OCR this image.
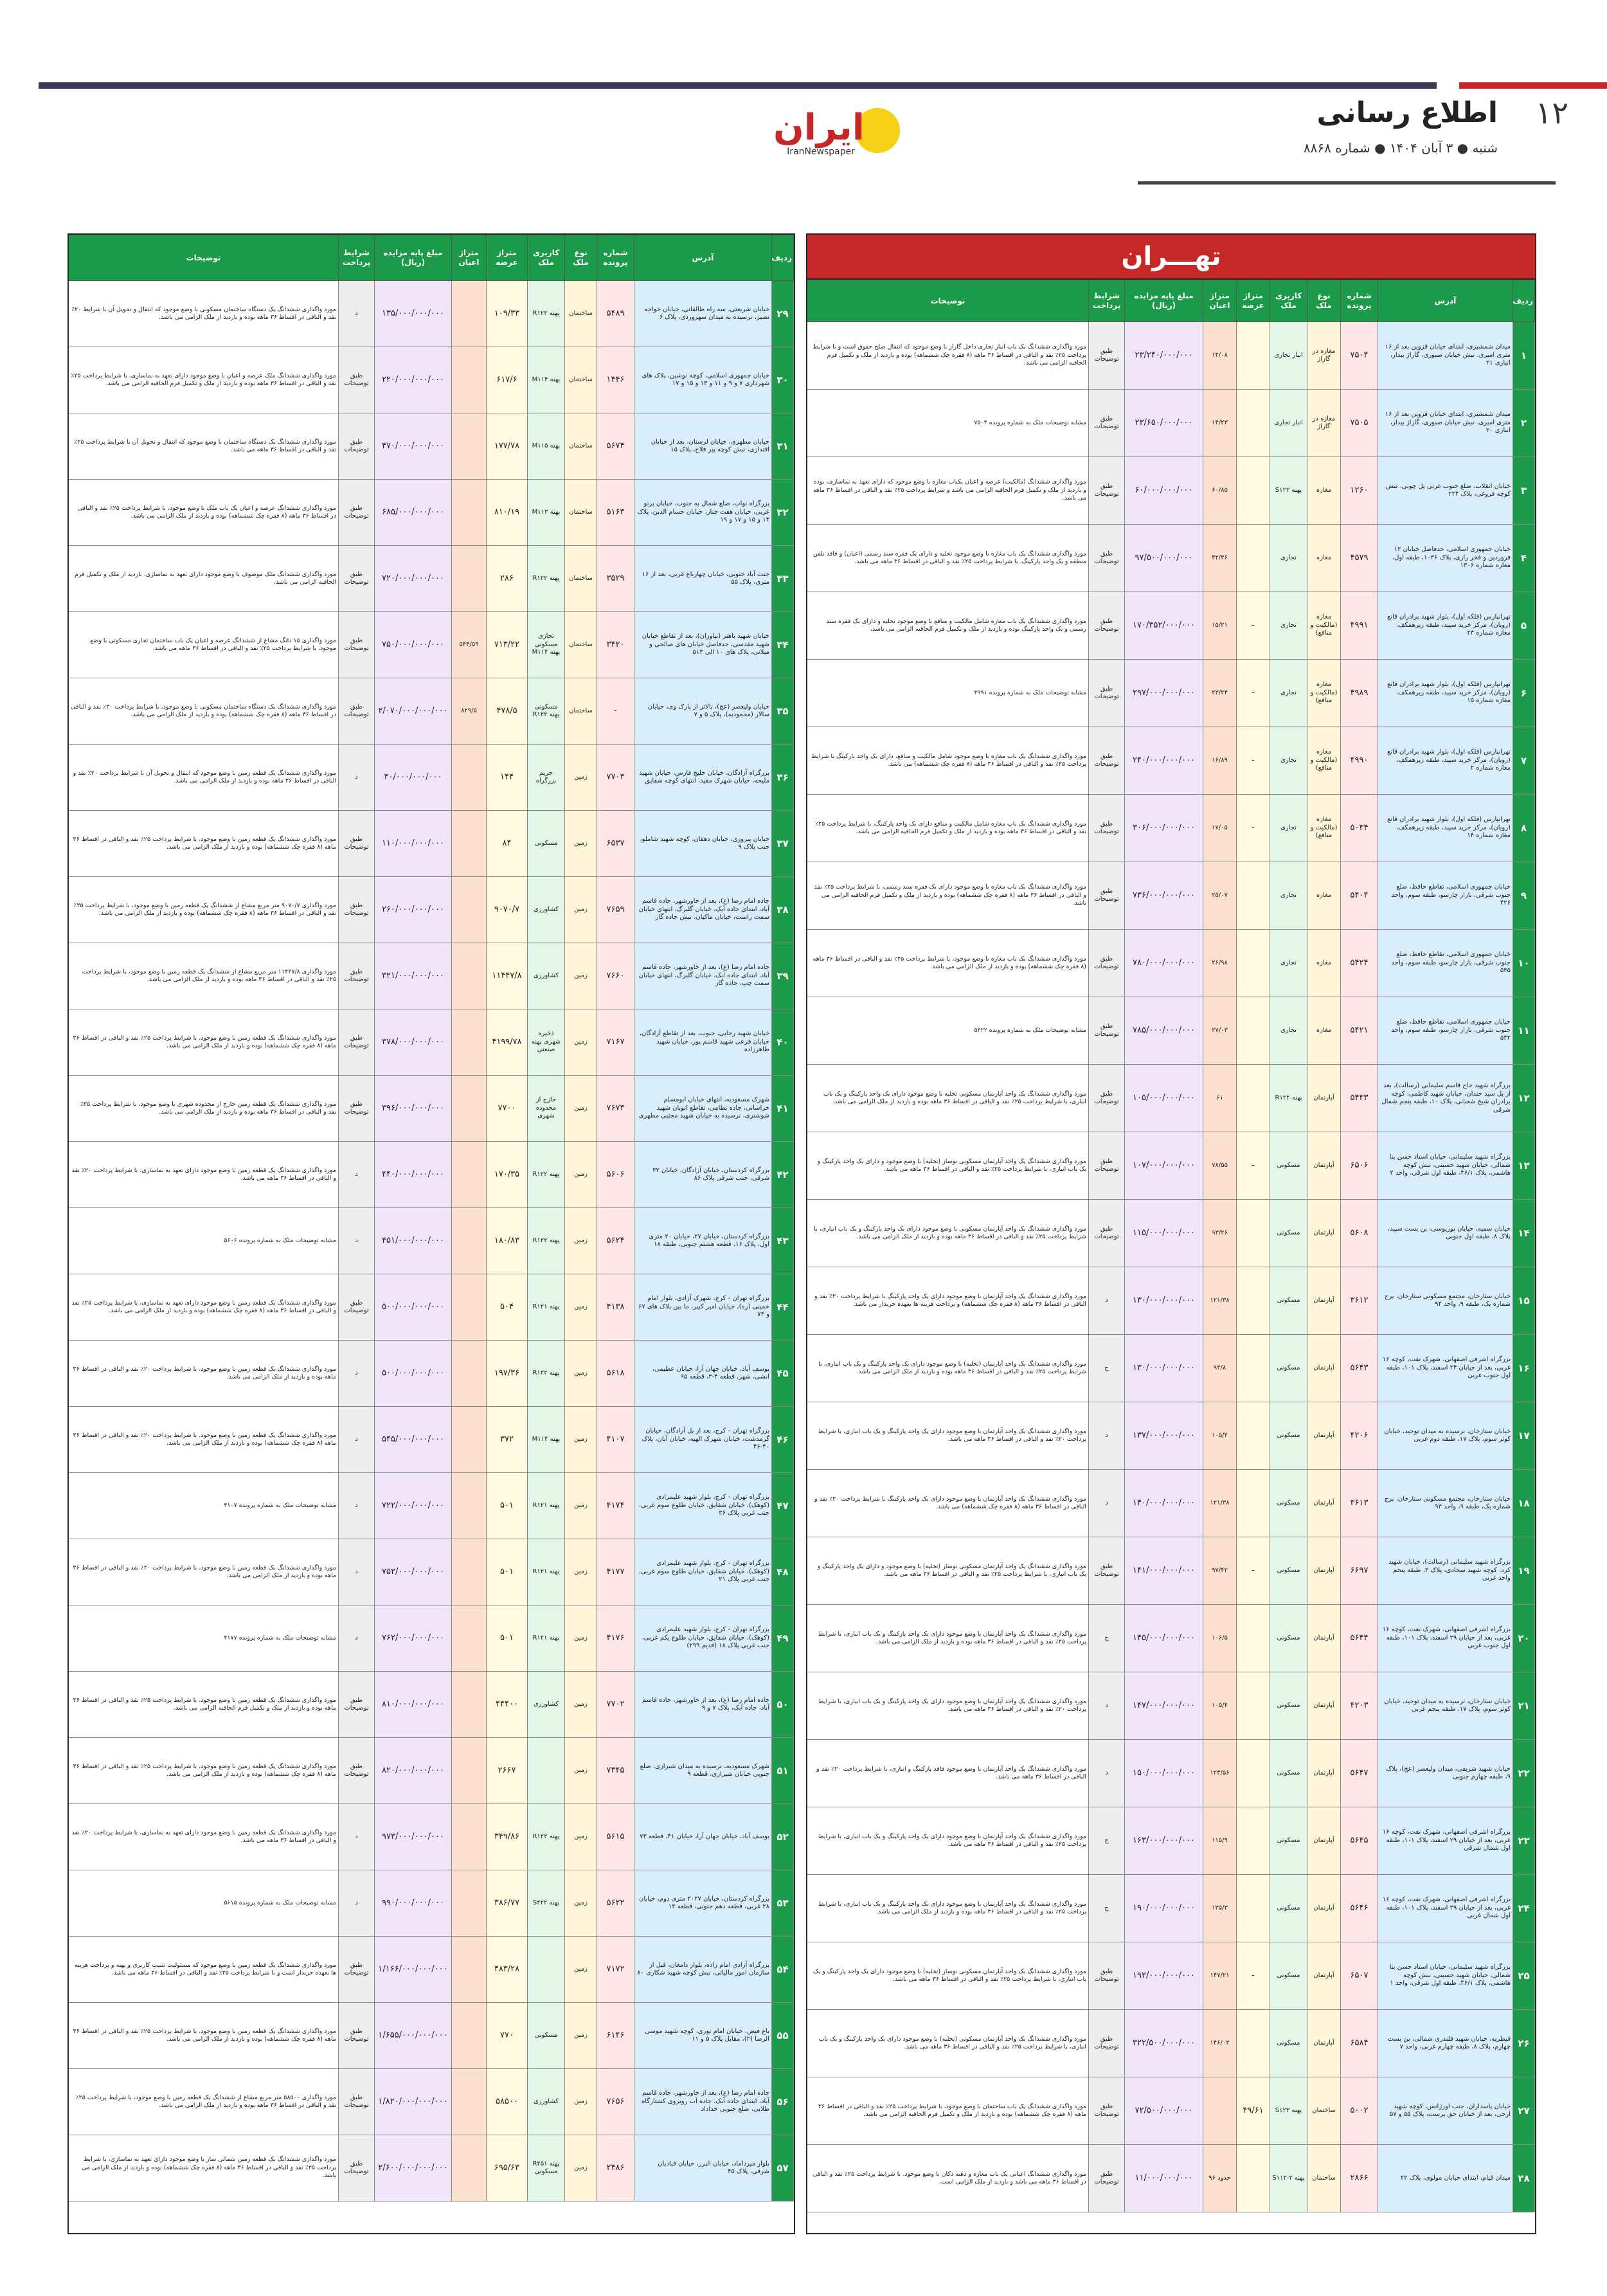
۱۲
اطلاع رسانی
شنبه ● ۳ آبان ۱۴۰۴ ● شماره ۸۸۶۸
ایران
IranNewspaper
تهـــران
ردیف	آدرس	شماره پرونده	نوع ملک	کاربری ملک	متراژ عرصه	متراژ اعیان	مبلغ پایه مزایده (ریال)	شرایط پرداخت	توضیحات
۱	میدان شمشیری، ابتدای خیابان قزوین بعد از ۱۶ متری امیری، نبش خیابان صبوری، گاراژ بیدار، انباری ۲۱	۷۵۰۴	مغازه در گاراژ	انبار تجاری		۱۴/۰۸	۲۳/۲۴۰/۰۰۰/۰۰۰	طبق توضیحات	مورد واگذاری ششدانگ یک باب انبار تجاری داخل گاراژ با وضع موجود که انتقال صلح حقوق است و با شرایط پرداخت ۲۵٪ نقد و الباقی در اقساط ۳۶ ماهه (۸ فقره چک ششماهه) بوده و بازدید از ملک و تکمیل فرم الحاقیه الزامی می باشد.
۲	میدان شمشیری، ابتدای خیابان قزوین بعد از ۱۶ متری امیری، نبش خیابان صبوری، گاراژ بیدار، انباری ۲۰	۷۵۰۵	مغازه در گاراژ	انبار تجاری		۱۴/۲۳	۲۳/۶۵۰/۰۰۰/۰۰۰	طبق توضیحات	مشابه توضیحات ملک به شماره پرونده ۷۵۰۴
۳	خیابان انقلاب، ضلع جنوب غربی پل چوبی، نبش کوچه فروغی، پلاک ۲۲۴	۱۲۶۰	مغازه	پهنه S۱۲۲		۶۰/۸۵	۶۰/۰۰۰/۰۰۰/۰۰۰	طبق توضیحات	مورد واگذاری ششدانگ (مالکیت) عرصه و اعیان یکباب مغازه با وضع موجود که دارای تعهد به نماسازی، بوده و بازدید از ملک و تکمیل فرم الحاقیه الزامی می باشد و شرایط پرداخت ۲۵٪ نقد و الباقی در اقساط ۳۶ ماهه می باشد.
۴	خیابان جمهوری اسلامی، حدفاصل خیابان ۱۲ فروردین و فخر رازی، پلاک ۱۰۳۶، طبقه اول، مغازه شماره ۱۳۰۶	۴۵۷۹	مغازه	تجاری		۴۲/۳۶	۹۷/۵۰۰/۰۰۰/۰۰۰	طبق توضیحات	مورد واگذاری ششدانگ یک باب مغازه با وضع موجود تخلیه و دارای یک فقره سند رسمی (اعیان) و فاقد تلفن منطقه و یک واحد پارکینگ، با شرایط پرداخت ۲۵٪ نقد و الباقی در اقساط ۳۶ ماهه می باشد.
۵	تهرانپارس (فلکه اول)، بلوار شهید برادران قانع (رویان)، مرکز خرید سپید، طبقه زیرهمکف، مغازه شماره ۲۳	۴۹۹۱	مغازه (مالکیت و منافع)	تجاری	-	۱۵/۲۱	۱۷۰/۳۵۲/۰۰۰/۰۰۰	طبق توضیحات	مورد واگذاری ششدانگ یک باب مغازه شامل مالکیت و منافع با وضع موجود تخلیه و دارای یک فقره سند رسمی و یک واحد پارکینگ بوده و بازدید از ملک و تکمیل فرم الحاقیه الزامی می باشد.
۶	تهرانپارس (فلکه اول)، بلوار شهید برادران قانع (رویان)، مرکز خرید سپید، طبقه زیرهمکف، مغازه شماره ۱۵	۴۹۸۹	مغازه (مالکیت و منافع)	تجاری	-	۲۳/۲۴	۲۹۷/۰۰۰/۰۰۰/۰۰۰	طبق توضیحات	مشابه توضیحات ملک به شماره پرونده ۴۹۹۱
۷	تهرانپارس (فلکه اول)، بلوار شهید برادران قانع (رویان)، مرکز خرید سپید، طبقه زیرهمکف، مغازه شماره ۲	۴۹۹۰	مغازه (مالکیت و منافع)	تجاری	-	۱۶/۸۹	۲۴۰/۰۰۰/۰۰۰/۰۰۰	طبق توضیحات	مورد واگذاری ششدانگ یک باب مغازه با وضع موجود شامل مالکیت و منافع، دارای یک واحد پارکینگ با شرایط پرداخت ۲۵٪ نقد و الباقی در اقساط ۳۶ ماهه (۸ فقره چک ششماهه) می باشد.
۸	تهرانپارس (فلکه اول)، بلوار شهید برادران قانع (رویان)، مرکز خرید سپید، طبقه زیرهمکف، مغازه شماره ۱۴	۵۰۳۴	مغازه (مالکیت و منافع)	تجاری	-	۱۷/۰۵	۳۰۶/۰۰۰/۰۰۰/۰۰۰	طبق توضیحات	مورد واگذاری ششدانگ یک باب مغازه شامل مالکیت و منافع دارای یک واحد پارکینگ، با شرایط پرداخت ۲۵٪ نقد و الباقی در اقساط ۳۶ ماهه بوده و بازدید از ملک و تکمیل فرم الحاقیه الزامی می باشد.
۹	خیابان جمهوری اسلامی، تقاطع حافظ، ضلع جنوب شرقی، بازار چارسو، طبقه سوم، واحد ۴۲۶	۵۴۰۴	مغازه	تجاری		۲۵/۰۷	۷۳۶/۰۰۰/۰۰۰/۰۰۰	طبق توضیحات	مورد واگذاری ششدانگ یک باب مغازه با وضع موجود دارای یک فقره سند رسمی، با شرایط پرداخت ۲۵٪ نقد و الباقی در اقساط ۳۶ ماهه (۸ فقره چک ششماهه) بوده و بازدید از ملک و تکمیل فرم الحاقیه الزامی می باشد.
۱۰	خیابان جمهوری اسلامی، تقاطع حافظ، ضلع جنوب شرقی، بازار چارسو، طبقه سوم، واحد ۵۳۵	۵۴۲۴	مغازه	تجاری		۲۶/۹۸	۷۸۰/۰۰۰/۰۰۰/۰۰۰	طبق توضیحات	مورد واگذاری ششدانگ یک باب مغازه با وضع موجود، با شرایط پرداخت ۲۵٪ نقد و الباقی در اقساط ۳۶ ماهه (۸ فقره چک ششماهه) بوده و بازدید از ملک الزامی می باشد.
۱۱	خیابان جمهوری اسلامی، تقاطع حافظ، ضلع جنوب شرقی، بازار چارسو، طبقه سوم، واحد ۵۳۲	۵۴۲۱	مغازه	تجاری		۲۷/۰۳	۷۸۵/۰۰۰/۰۰۰/۰۰۰	طبق توضیحات	مشابه توضیحات ملک به شماره پرونده ۵۴۲۲
۱۲	بزرگراه شهید حاج قاسم سلیمانی (رسالت)، بعد از پل سید خندان، خیابان شهید کاظمی، کوچه برادران شیخ شعبانی، پلاک ۱۰، طبقه پنجم شمال شرقی	۵۴۳۳	آپارتمان	پهنه R۱۲۲		۶۱	۱۰۵/۰۰۰/۰۰۰/۰۰۰	طبق توضیحات	مورد واگذاری ششدانگ یک واحد آپارتمان مسکونی تخلیه با وضع موجود دارای یک واحد پارکینگ و یک باب انباری، با شرایط پرداخت ۲۵٪ نقد و الباقی در اقساط ۳۶ ماهه بوده و بازدید از ملک الزامی می باشد.
۱۳	بزرگراه شهید سلیمانی، خیابان استاد حسن بنا شمالی، خیابان شهید حسینی، نبش کوچه هاشمی، پلاک ۴۶/۱، طبقه اول شرقی، واحد ۲	۶۵۰۶	آپارتمان	مسکونی	-	۷۸/۵۵	۱۰۷/۰۰۰/۰۰۰/۰۰۰	طبق توضیحات	مورد واگذاری ششدانگ یک واحد آپارتمان مسکونی نوساز (تخلیه) با وضع موجود و دارای یک واحد پارکینگ و یک باب انباری، با شرایط پرداخت ۲۵٪ نقد و الباقی در اقساط ۳۶ ماهه می باشد.
۱۴	خیابان سمیه، خیابان پوریوسی، بن بست سپید، پلاک ۸، طبقه اول جنوبی	۵۶۰۸	آپارتمان	مسکونی		۹۳/۲۶	۱۱۵/۰۰۰/۰۰۰/۰۰۰	طبق توضیحات	مورد واگذاری ششدانگ یک واحد آپارتمان مسکونی با وضع موجود دارای یک واحد پارکینگ و یک باب انباری، با شرایط پرداخت ۲۵٪ نقد و الباقی در اقساط ۳۶ ماهه بوده و بازدید از ملک الزامی می باشد.
۱۵	خیابان ستارخان، مجتمع مسکونی ستارخان، برج شماره یک، طبقه ۹، واحد ۹۴	۳۶۱۲	آپارتمان	مسکونی		۱۲۱/۳۸	۱۳۰/۰۰۰/۰۰۰/۰۰۰	د	مورد واگذاری ششدانگ یک واحد آپارتمان با وضع موجود دارای یک واحد پارکینگ با شرایط پرداخت ۲۰٪ نقد و الباقی در اقساط ۳۶ ماهه (۸ فقره چک ششماهه) و پرداخت هزینه ها بعهده خریدار می باشد.
۱۶	بزرگراه اشرفی اصفهانی، شهرک نفت، کوچه ۱۶ غربی، بعد از خیابان ۲۴ اسفند، پلاک ۱۰۱، طبقه اول جنوب غربی	۵۶۴۳	آپارتمان	مسکونی		۹۴/۸	۱۳۰/۰۰۰/۰۰۰/۰۰۰	ج	مورد واگذاری ششدانگ یک واحد آپارتمان (تخلیه) با وضع موجود دارای یک واحد پارکینگ و یک باب انباری، با شرایط پرداخت ۲۵٪ نقد و الباقی در اقساط ۳۶ ماهه بوده و بازدید از ملک الزامی می باشد.
۱۷	خیابان ستارخان، نرسیده به میدان توحید، خیابان کوثر سوم، پلاک ۱۷، طبقه دوم غربی	۴۲۰۶	آپارتمان	مسکونی		۱۰۵/۴	۱۳۷/۰۰۰/۰۰۰/۰۰۰	د	مورد واگذاری ششدانگ یک واحد آپارتمان با وضع موجود دارای یک واحد پارکینگ و یک باب انباری، با شرایط پرداخت ۲۰٪ نقد و الباقی در اقساط ۳۶ ماهه می باشد.
۱۸	خیابان ستارخان، مجتمع مسکونی ستارخان، برج شماره یک، طبقه ۹، واحد ۹۳	۳۶۱۳	آپارتمان	مسکونی		۱۲۱/۳۸	۱۴۰/۰۰۰/۰۰۰/۰۰۰	د	مورد واگذاری ششدانگ یک واحد آپارتمان با وضع موجود دارای یک واحد پارکینگ با شرایط پرداخت ۲۰٪ نقد و الباقی در اقساط ۳۶ ماهه (۸ فقره چک ششماهه) می باشد.
۱۹	بزرگراه شهید سلیمانی (رسالت)، خیابان شهید کرد، کوچه شهید سجادی، پلاک ۳، طبقه پنجم واحد غربی	۶۶۹۷	آپارتمان	مسکونی	-	۹۷/۴۲	۱۴۱/۰۰۰/۰۰۰/۰۰۰	طبق توضیحات	مورد واگذاری ششدانگ یک واحد آپارتمان مسکونی نوساز (تخلیه) با وضع موجود و دارای یک واحد پارکینگ و یک باب انباری، با شرایط پرداخت ۲۵٪ نقد و الباقی در اقساط ۳۶ ماهه می باشد.
۲۰	بزرگراه اشرفی اصفهانی، شهرک نفت، کوچه ۱۶ غربی، بعد از خیابان ۲۹ اسفند، پلاک ۱۰۱، طبقه اول جنوب غربی	۵۶۴۴	آپارتمان	مسکونی		۱۰۶/۵	۱۴۵/۰۰۰/۰۰۰/۰۰۰	ج	مورد واگذاری ششدانگ یک واحد آپارتمان با وضع موجود دارای یک واحد پارکینگ و یک باب انباری، با شرایط پرداخت ۲۵٪ نقد و الباقی در اقساط ۳۶ ماهه بوده و بازدید از ملک الزامی می باشد.
۲۱	خیابان ستارخان، نرسیده به میدان توحید، خیابان کوثر سوم، پلاک ۱۷، طبقه پنجم غربی	۴۲۰۳	آپارتمان	مسکونی		۱۰۵/۴	۱۴۷/۰۰۰/۰۰۰/۰۰۰	د	مورد واگذاری ششدانگ یک واحد آپارتمان با وضع موجود دارای یک واحد پارکینگ و یک باب انباری، با شرایط پرداخت ۲۰٪ نقد و الباقی در اقساط ۳۶ ماهه می باشد.
۲۲	خیابان شهید شریفی، میدان ولیعصر (عج)، پلاک ۹، طبقه چهارم جنوبی	۵۶۴۷	آپارتمان	مسکونی		۱۲۴/۵۶	۱۵۰/۰۰۰/۰۰۰/۰۰۰	د	مورد واگذاری ششدانگ یک واحد آپارتمان با وضع موجود فاقد پارکینگ و انباری، با شرایط پرداخت ۲۰٪ نقد و الباقی در اقساط ۳۶ ماهه می باشد.
۲۳	بزرگراه اشرفی اصفهانی، شهرک نفت، کوچه ۱۶ غربی، بعد از خیابان ۲۹ اسفند، پلاک ۱۰۱، طبقه اول شمال شرقی	۵۶۴۵	آپارتمان	مسکونی		۱۱۵/۹	۱۶۳/۰۰۰/۰۰۰/۰۰۰	ج	مورد واگذاری ششدانگ یک واحد آپارتمان با وضع موجود دارای یک واحد پارکینگ و یک باب انباری، با شرایط پرداخت ۲۵٪ نقد و الباقی در اقساط ۳۶ ماهه می باشد.
۲۴	بزرگراه اشرفی اصفهانی، شهرک نفت، کوچه ۱۶ غربی، بعد از خیابان ۲۹ اسفند، پلاک ۱۰۱، طبقه اول شمال غربی	۵۶۴۶	آپارتمان	مسکونی		۱۳۵/۳	۱۹۰/۰۰۰/۰۰۰/۰۰۰	ج	مورد واگذاری ششدانگ یک واحد آپارتمان با وضع موجود دارای یک واحد پارکینگ و یک باب انباری، با شرایط پرداخت ۲۵٪ نقد و الباقی در اقساط ۳۶ ماهه بوده و بازدید از ملک الزامی می باشد.
۲۵	بزرگراه شهید سلیمانی، خیابان استاد حسن بنا شمالی، خیابان شهید حسینی، نبش کوچه هاشمی، پلاک ۴۶/۱، طبقه اول شرقی، واحد ۱	۶۵۰۷	آپارتمان	مسکونی	-	۱۴۷/۲۱	۱۹۲/۰۰۰/۰۰۰/۰۰۰	طبق توضیحات	مورد واگذاری ششدانگ یک واحد آپارتمان مسکونی نوساز (تخلیه) با وضع موجود دارای یک واحد پارکینگ و یک باب انباری، با شرایط پرداخت ۲۵٪ نقد و الباقی در اقساط ۳۶ ماهه می باشد.
۲۶	قیطریه، خیابان شهید فلندری شمالی، بن بست چهارم، پلاک ۸، طبقه چهارم غربی، واحد ۷	۶۵۸۴	آپارتمان	مسکونی		۱۴۶/۰۳	۳۲۲/۵۰۰/۰۰۰/۰۰۰	طبق توضیحات	مورد واگذاری ششدانگ یک واحد آپارتمان مسکونی (تخلیه) با وضع موجود دارای یک واحد پارکینگ و یک باب انباری، با شرایط پرداخت ۲۵٪ نقد و الباقی در اقساط ۳۶ ماهه می باشد.
۲۷	خیابان پاسداران، جنب اورژانس، کوچه شهید ارجی، بعد از خیابان حق پرست، پلاک ۵۵ و ۵۷	۵۰۰۲	ساختمان	پهنه S۱۲۳	۴۹/۶۱		۷۲/۵۰۰/۰۰۰/۰۰۰	طبق توضیحات	مورد واگذاری ششدانگ یک باب ساختمان با وضع موجود، با شرایط پرداخت ۲۵٪ نقد و الباقی در اقساط ۳۶ ماهه (۸ فقره چک ششماهه) بوده و بازدید از ملک و تکمیل فرم الحاقیه الزامی می باشد.
۲۸	میدان قیام، ابتدای خیابان مولوی، پلاک ۲۲	۲۸۶۶	ساختمان	پهنه S۱۱۲-۲		حدود ۹۶	۱۱/۰۰۰/۰۰۰/۰۰۰	طبق توضیحات	مورد واگذاری ششدانگ اعیانی یک باب مغازه و دهنه دکان با وضع موجود، با شرایط پرداخت ۲۵٪ نقد و الباقی در اقساط ۳۶ ماهه می باشد و بازدید از ملک الزامی است.
ردیف	آدرس	شماره پرونده	نوع ملک	کاربری ملک	متراژ عرصه	متراژ اعیان	مبلغ پایه مزایده (ریال)	شرایط پرداخت	توضیحات
۲۹	خیابان شریعتی، سه راه طالقانی، خیابان خواجه نصیر، نرسیده به میدان سهروردی، پلاک ۶	۵۴۸۹	ساختمان	پهنه R۱۲۲	۱۰۹/۳۳		۱۳۵/۰۰۰/۰۰۰/۰۰۰	د	مورد واگذاری ششدانگ یک دستگاه ساختمان مسکونی با وضع موجود که انتقال و تحویل آن با شرایط ۲۰٪ نقد و الباقی در اقساط ۳۶ ماهه بوده و بازدید از ملک الزامی می باشد.
۳۰	خیابان جمهوری اسلامی، کوچه نوشین، پلاک های شهرداری ۷ و ۹ و ۱۱ و ۱۳ و ۱۵ و ۱۷	۱۴۴۶	ساختمان	پهنه M۱۱۴	۶۱۷/۶		۲۲۰/۰۰۰/۰۰۰/۰۰۰	طبق توضیحات	مورد واگذاری ششدانگ ملک عرصه و اعیان با وضع موجود دارای تعهد به نماسازی، با شرایط پرداخت ۲۵٪ نقد و الباقی در اقساط ۳۶ ماهه بوده و بازدید از ملک و تکمیل فرم الحاقیه الزامی می باشد.
۳۱	خیابان مطهری، خیابان لرستان، بعد از خیابان اقتداری، نبش کوچه پیر فلاح، پلاک ۱۵	۵۶۷۴	ساختمان	پهنه M۱۱۵	۱۷۷/۷۸		۴۷۰/۰۰۰/۰۰۰/۰۰۰	طبق توضیحات	مورد واگذاری ششدانگ یک دستگاه ساختمان با وضع موجود که انتقال و تحویل آن با شرایط پرداخت ۲۵٪ نقد و الباقی در اقساط ۳۶ ماهه می باشد.
۳۲	بزرگراه نواب، ضلع شمال به جنوب، خیابان پرتو غربی، خیابان هفت چنار، خیابان حسام الدین، پلاک ۱۳ و ۱۵ و ۱۷ و ۱۹	۵۱۶۳	ساختمان	پهنه M۱۱۳	۸۱۰/۱۹		۶۸۵/۰۰۰/۰۰۰/۰۰۰	طبق توضیحات	مورد واگذاری ششدانگ عرصه و اعیان یک باب ملک با وضع موجود، با شرایط پرداخت ۲۵٪ نقد و الباقی در اقساط ۳۶ ماهه (۸ فقره چک ششماهه) بوده و بازدید از ملک الزامی می باشد.
۳۳	جنت آباد جنوبی، خیابان چهارباغ غربی، بعد از ۱۶ متری، پلاک ۵۵	۳۵۲۹	ساختمان	پهنه R۱۲۲	۲۸۶		۷۲۰/۰۰۰/۰۰۰/۰۰۰	طبق توضیحات	مورد واگذاری ششدانگ ملک موصوف با وضع موجود دارای تعهد به نماسازی، بازدید از ملک و تکمیل فرم الحاقیه الزامی می باشد.
۳۴	خیابان شهید باهنر (نیاوران)، بعد از تقاطع خیابان شهید مقدسی، حدفاصل خیابان های صالحی و میلانی، پلاک های ۱۰ الی ۵۱۳	۳۴۲۰	ساختمان	تجاری مسکونی پهنه M۱۱۴	۷۱۳/۲۲	۵۴۴/۵۹	۷۵۰/۰۰۰/۰۰۰/۰۰۰	طبق توضیحات	مورد واگذاری ۱۵ دانگ مشاع از ششدانگ عرصه و اعیان یک باب ساختمان تجاری مسکونی با وضع موجود، با شرایط پرداخت ۲۵٪ نقد و الباقی در اقساط ۳۶ ماهه می باشد.
۳۵	خیابان ولیعصر (عج)، بالاتر از پارک وی، خیابان سالار (محمودیه)، پلاک ۵ و ۷	-	ساختمان	مسکونی پهنه R۱۲۲	۴۷۸/۵	۸۲۹/۵	۲/۰۷۰/۰۰۰/۰۰۰/۰۰۰	طبق توضیحات	مورد واگذاری ششدانگ یک دستگاه ساختمان مسکونی با وضع موجود، با شرایط پرداخت ۳۰٪ نقد و الباقی در اقساط ۳۶ ماهه (۸ فقره چک ششماهه) بوده و بازدید از ملک الزامی می باشد.
۳۶	بزرگراه آزادگان، خیابان خلیج فارس، خیابان شهید ملیحه، خیابان شهرک مفید، انتهای کوچه شقایق	۷۷۰۳	زمین	حریم بزرگراه	۱۴۴		۳۰/۰۰۰/۰۰۰/۰۰۰	د	مورد واگذاری ششدانگ یک قطعه زمین با وضع موجود که انتقال و تحویل آن با شرایط پرداخت ۲۰٪ نقد و الباقی در اقساط ۳۶ ماهه بوده و بازدید از ملک الزامی می باشد.
۳۷	خیابان پیروزی، خیابان دهقان، کوچه شهید شاملو، جنب پلاک ۹	۶۵۳۷	زمین	مسکونی	۸۴		۱۱۰/۰۰۰/۰۰۰/۰۰۰	طبق توضیحات	مورد واگذاری ششدانگ یک قطعه زمین با وضع موجود، با شرایط پرداخت ۲۵٪ نقد و الباقی در اقساط ۳۶ ماهه (۸ فقره چک ششماهه) بوده و بازدید از ملک الزامی می باشد.
۳۸	جاده امام رضا (ع)، بعد از خاورشهر، جاده قاسم آباد، ابتدای جاده آبک، خیابان گلبرگ، انتهای خیابان سمت راست، خیابان ماکیان، نبش جاده گاز	۷۶۵۹	زمین	کشاورزی	۹۰۷۰/۷		۲۶۰/۰۰۰/۰۰۰/۰۰۰	طبق توضیحات	مورد واگذاری ۹۰۷۰/۷ متر مربع مشاع از ششدانگ یک قطعه زمین با وضع موجود، با شرایط پرداخت ۲۵٪ نقد و الباقی در اقساط ۳۶ ماهه (۸ فقره چک ششماهه) بوده و بازدید از ملک الزامی می باشد.
۳۹	جاده امام رضا (ع)، بعد از خاورشهر، جاده قاسم آباد، ابتدای جاده آبک، خیابان گلبرگ، انتهای خیابان سمت چپ، جاده گاز	۷۶۶۰	زمین	کشاورزی	۱۱۴۴۷/۸		۳۲۱/۰۰۰/۰۰۰/۰۰۰	طبق توضیحات	مورد واگذاری ۱۱۴۴۷/۸ متر مربع مشاع از ششدانگ یک قطعه زمین با وضع موجود، با شرایط پرداخت ۲۵٪ نقد و الباقی در اقساط ۳۶ ماهه بوده و بازدید از ملک الزامی می باشد.
۴۰	خیابان شهید رجایی، جنوب، بعد از تقاطع آزادگان، خیابان فرعی شهید قاسم پور، خیابان شهید طاهرزاده	۷۱۶۷	زمین	ذخیره شهری پهنه صنعتی	۴۱۹۹/۷۸		۳۷۸/۰۰۰/۰۰۰/۰۰۰	طبق توضیحات	مورد واگذاری ششدانگ یک قطعه زمین با وضع موجود، با شرایط پرداخت ۲۵٪ نقد و الباقی در اقساط ۳۶ ماهه (۸ فقره چک ششماهه) بوده و بازدید از ملک الزامی می باشد.
۴۱	شهرک مسعودیه، انتهای خیابان ابومسلم خراسانی، جاده نظامی، تقاطع اتوبان شهید شوشتری، نرسیده به خیابان شهید مجتبی مطهری	۷۶۷۳	زمین	خارج از محدوده شهری	۷۷۰۰		۳۹۶/۰۰۰/۰۰۰/۰۰۰	طبق توضیحات	مورد واگذاری ششدانگ یک قطعه زمین خارج از محدوده شهری با وضع موجود، با شرایط پرداخت ۲۵٪ نقد و الباقی در اقساط ۳۶ ماهه بوده و بازدید از ملک الزامی می باشد.
۴۲	بزرگراه کردستان، خیابان آزادگان، خیابان ۳۲ شرقی، جنب شرقی پلاک ۸۶	۵۶۰۶	زمین	پهنه R۱۲۲	۱۷۰/۳۵		۴۴۰/۰۰۰/۰۰۰/۰۰۰	د	مورد واگذاری ششدانگ یک قطعه زمین با وضع موجود دارای تعهد به نماسازی، با شرایط پرداخت ۲۰٪ نقد و الباقی در اقساط ۳۶ ماهه می باشد.
۴۳	بزرگراه کردستان، خیابان ۲۷، خیابان ۲۰ متری اول، پلاک ۱۶، قطعه هشتم جنوبی، طبقه ۱۸	۵۶۲۴	زمین	پهنه R۱۲۲	۱۸۰/۸۳		۴۵۱/۰۰۰/۰۰۰/۰۰۰	د	مشابه توضیحات ملک به شماره پرونده ۵۶۰۶
۴۴	بزرگراه تهران - کرج، شهرک آزادی، بلوار امام خمینی (ره)، خیابان امیر کبیر، ما بین پلاک های ۶۷ و ۷۳	۴۱۳۸	زمین	پهنه R۱۲۱	۵۰۴		۵۰۰/۰۰۰/۰۰۰/۰۰۰	طبق توضیحات	مورد واگذاری ششدانگ یک قطعه زمین با وضع موجود دارای تعهد به نماسازی، با شرایط پرداخت ۲۵٪ نقد و الباقی در اقساط ۳۶ ماهه (۸ فقره چک ششماهه) بوده و بازدید از ملک الزامی می باشد.
۴۵	یوسف آباد، خیابان جهان آرا، خیابان عظیمی، انشی، شهر، قطعه ۴-۳، قطعه ۹۵	۵۶۱۸	زمین	پهنه R۱۲۲	۱۹۷/۳۶		۵۰۰/۰۰۰/۰۰۰/۰۰۰	د	مورد واگذاری ششدانگ یک قطعه زمین با وضع موجود، با شرایط پرداخت ۲۰٪ نقد و الباقی در اقساط ۳۶ ماهه بوده و بازدید از ملک الزامی می باشد.
۴۶	بزرگراه تهران - کرج، بعد از پل آزادگان، خیابان گرمدشت، خیابان شهرک الهیه، خیابان آبان، پلاک ۴۰-۴۶	۴۱۰۷	زمین	پهنه M۱۱۴	۳۷۲		۵۴۵/۰۰۰/۰۰۰/۰۰۰	د	مورد واگذاری ششدانگ یک قطعه زمین با وضع موجود، با شرایط پرداخت ۲۰٪ نقد و الباقی در اقساط ۳۶ ماهه (۸ فقره چک ششماهه) بوده و بازدید از ملک الزامی می باشد.
۴۷	بزرگراه تهران - کرج، بلوار شهید علیمرادی (کوهک)، خیابان شقایق، خیابان طلوع سوم غربی، جنب غربی پلاک ۳۶	۴۱۷۴	زمین	پهنه R۱۲۱	۵۰۱		۷۲۲/۰۰۰/۰۰۰/۰۰۰	د	مشابه توضیحات ملک به شماره پرونده ۴۱۰۷
۴۸	بزرگراه تهران - کرج، بلوار شهید علیمرادی (کوهک)، خیابان شقایق، خیابان طلوع سوم غربی، جنب غربی پلاک ۲۱	۴۱۷۷	زمین	پهنه R۱۲۱	۵۰۱		۷۵۲/۰۰۰/۰۰۰/۰۰۰	د	مورد واگذاری ششدانگ یک قطعه زمین با وضع موجود، با شرایط پرداخت ۲۰٪ نقد و الباقی در اقساط ۳۶ ماهه بوده و بازدید از ملک الزامی می باشد.
۴۹	بزرگراه تهران - کرج، بلوار شهید علیمرادی (کوهک)، خیابان شقایق، خیابان طلوع یکم غربی، جنب غربی پلاک ۱۸ (قدیم ۲۹۹)	۴۱۷۶	زمین	پهنه R۱۲۱	۵۰۱		۷۶۲/۰۰۰/۰۰۰/۰۰۰	د	مشابه توضیحات ملک به شماره پرونده ۴۱۷۷
۵۰	جاده امام رضا (ع)، بعد از خاورشهر، جاده قاسم آباد، جاده آبک، پلاک ۷ و ۹	۷۷۰۲	زمین	کشاورزی	۴۴۴۰۰		۸۱۰/۰۰۰/۰۰۰/۰۰۰	طبق توضیحات	مورد واگذاری ششدانگ یک قطعه زمین با وضع موجود، با شرایط پرداخت ۲۵٪ نقد و الباقی در اقساط ۳۶ ماهه بوده و بازدید از ملک و تکمیل فرم الحاقیه الزامی می باشد.
۵۱	شهرک مسعودیه، نرسیده به میدان شیرازی، ضلع جنوبی خیابان شیرازی، قطعه ۹	۷۳۴۵	زمین		۲۶۶۷		۸۲۰/۰۰۰/۰۰۰/۰۰۰	طبق توضیحات	مورد واگذاری ششدانگ یک قطعه زمین با وضع موجود، با شرایط پرداخت ۲۵٪ نقد و الباقی در اقساط ۳۶ ماهه (۸ فقره چک ششماهه) بوده و بازدید از ملک الزامی می باشد.
۵۲	یوسف آباد، خیابان جهان آرا، خیابان ۴۱، قطعه ۷۳	۵۶۱۵	زمین	پهنه R۱۲۲	۳۴۹/۸۶		۹۷۳/۰۰۰/۰۰۰/۰۰۰	د	مورد واگذاری ششدانگ یک قطعه زمین با وضع موجود دارای تعهد به نماسازی، با شرایط پرداخت ۲۰٪ نقد و الباقی در اقساط ۳۶ ماهه می باشد.
۵۳	بزرگراه کردستان، خیابان ۲۰۲۷ متری دوم، خیابان ۲۸ غربی، قطعه دهم جنوبی، قطعه ۱۲	۵۶۲۲	زمین	پهنه S۲۲۲	۳۸۶/۷۷		۹۹۰/۰۰۰/۰۰۰/۰۰۰	د	مشابه توضیحات ملک به شماره پرونده ۵۶۱۵
۵۴	بزرگراه آزادی امام زاده، بلوار دامغان، قبل از سازمان امور مالیاتی، نبش کوچه شهید شکاری ۸۰	۷۱۷۲	زمین		۴۸۳/۲۸		۱/۱۶۶/۰۰۰/۰۰۰/۰۰۰	طبق توضیحات	مورد واگذاری ششدانگ یک قطعه زمین با وضع موجود که مسئولیت تثبیت کاربری و پهنه و پرداخت هزینه ها بعهده خریدار است و با شرایط پرداخت ۲۵٪ نقد و الباقی در اقساط ۳۶ ماهه می باشد.
۵۵	باغ فیض، خیابان امام نوری، کوچه شهید موسی الرضا (۲)، مقابل پلاک ۵ و ۱۱	۶۱۴۶	زمین	مسکونی	۷۷۰		۱/۶۵۵/۰۰۰/۰۰۰/۰۰۰	طبق توضیحات	مورد واگذاری ششدانگ یک قطعه زمین با وضع موجود، با شرایط پرداخت ۲۵٪ نقد و الباقی در اقساط ۳۶ ماهه (۸ فقره چک ششماهه) بوده و بازدید از ملک الزامی می باشد.
۵۶	جاده امام رضا (ع)، بعد از خاورشهر، جاده قاسم آباد، ابتدای جاده آبک، جاده آب روبروی کشتارگاه طلایی، ضلع جنوبی خداداد	۷۶۵۶	زمین	کشاورزی	۵۸۵۰۰		۱/۸۲۰/۰۰۰/۰۰۰/۰۰۰	طبق توضیحات	مورد واگذاری ۵۸۵۰۰ متر مربع مشاع از ششدانگ یک قطعه زمین با وضع موجود، با شرایط پرداخت ۲۵٪ نقد و الباقی در اقساط ۳۶ ماهه بوده و بازدید از ملک الزامی می باشد.
۵۷	بلوار میرداماد، خیابان البرز، خیابان قبادیان شرقی، پلاک ۴۵	۲۴۸۶	زمین	پهنه R۲۵۱ مسکونی	۶۹۵/۶۳		۲/۶۰۰/۰۰۰/۰۰۰/۰۰۰	طبق توضیحات	مورد واگذاری ششدانگ یک قطعه زمین شمالی ساز با وضع موجود دارای تعهد به نماسازی، با شرایط پرداخت ۲۵٪ نقد و الباقی در اقساط ۳۶ ماهه (۸ فقره چک ششماهه) بوده و بازدید از ملک الزامی می باشد.
